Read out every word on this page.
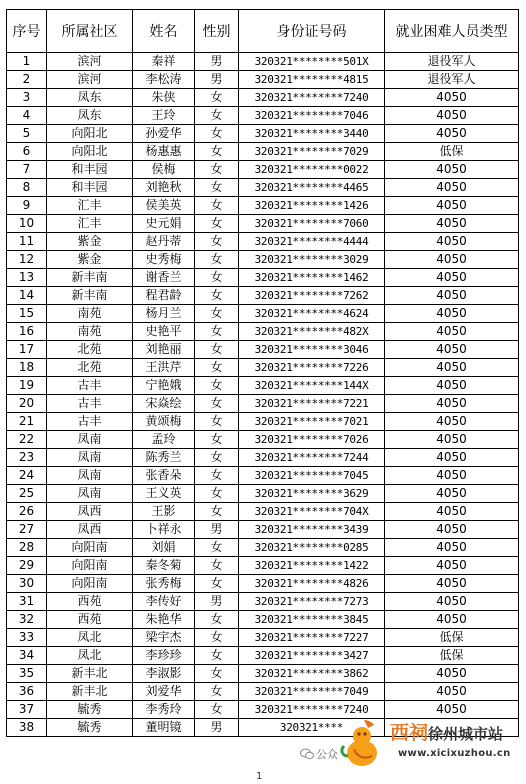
序号	所属社区	姓名	性别	身份证号码	就业困难人员类型
1	滨河	秦祥	男	320321********501X	退役军人
2	滨河	李松涛	男	320321********4815	退役军人
3	凤东	朱侠	女	320321********7240	4050
4	凤东	王玲	女	320321********7046	4050
5	向阳北	孙爱华	女	320321********3440	4050
6	向阳北	杨惠惠	女	320321********7029	低保
7	和丰园	侯梅	女	320321********0022	4050
8	和丰园	刘艳秋	女	320321********4465	4050
9	汇丰	侯美英	女	320321********1426	4050
10	汇丰	史元娟	女	320321********7060	4050
11	紫金	赵丹蒂	女	320321********4444	4050
12	紫金	史秀梅	女	320321********3029	4050
13	新丰南	谢香兰	女	320321********1462	4050
14	新丰南	程君龄	女	320321********7262	4050
15	南苑	杨月兰	女	320321********4624	4050
16	南苑	史艳平	女	320321********482X	4050
17	北苑	刘艳丽	女	320321********3046	4050
18	北苑	王洪芹	女	320321********7226	4050
19	古丰	宁艳娥	女	320321********144X	4050
20	古丰	宋焱绘	女	320321********7221	4050
21	古丰	黄颂梅	女	320321********7021	4050
22	凤南	孟玲	女	320321********7026	4050
23	凤南	陈秀兰	女	320321********7244	4050
24	凤南	张香朵	女	320321********7045	4050
25	凤南	王义英	女	320321********3629	4050
26	凤西	王影	女	320321********704X	4050
27	凤西	卜祥永	男	320321********3439	4050
28	向阳南	刘娟	女	320321********0285	4050
29	向阳南	秦冬菊	女	320321********1422	4050
30	向阳南	张秀梅	女	320321********4826	4050
31	西苑	李传好	男	320321********7273	4050
32	西苑	朱艳华	女	320321********3845	4050
33	凤北	梁宇杰	女	320321********7227	低保
34	凤北	李珍珍	女	320321********3427	低保
35	新丰北	李淑影	女	320321********3862	4050
36	新丰北	刘爱华	女	320321********7049	4050
37	毓秀	李秀玲	女	320321********7240	4050
38	毓秀	董明镜	男	320321****	
公众
西祠徐州城市站
www.xicixuzhou.cn
1
